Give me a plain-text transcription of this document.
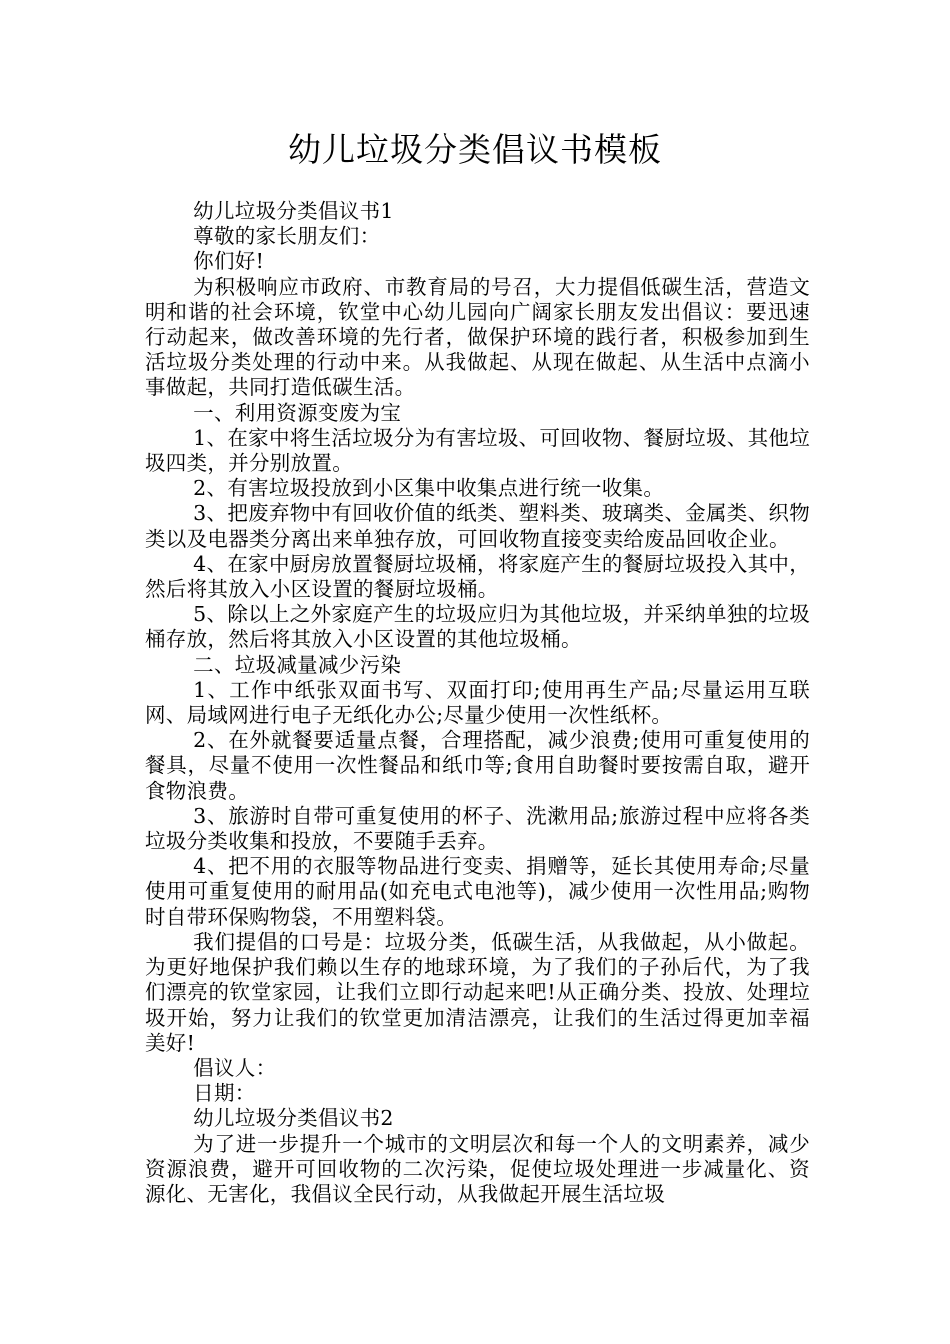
幼儿垃圾分类倡议书模板

幼儿垃圾分类倡议书1

尊敬的家长朋友们：

你们好!

为积极响应市政府、市教育局的号召，大力提倡低碳生活，营造文明和谐的社会环境，钦堂中心幼儿园向广阔家长朋友发出倡议：要迅速行动起来，做改善环境的先行者，做保护环境的践行者，积极参加到生活垃圾分类处理的行动中来。从我做起、从现在做起、从生活中点滴小事做起，共同打造低碳生活。

一、利用资源变废为宝

1、在家中将生活垃圾分为有害垃圾、可回收物、餐厨垃圾、其他垃圾四类，并分别放置。

2、有害垃圾投放到小区集中收集点进行统一收集。

3、把废弃物中有回收价值的纸类、塑料类、玻璃类、金属类、织物类以及电器类分离出来单独存放，可回收物直接变卖给废品回收企业。

4、在家中厨房放置餐厨垃圾桶，将家庭产生的餐厨垃圾投入其中，然后将其放入小区设置的餐厨垃圾桶。

5、除以上之外家庭产生的垃圾应归为其他垃圾，并采纳单独的垃圾桶存放，然后将其放入小区设置的其他垃圾桶。

二、垃圾减量减少污染

1、工作中纸张双面书写、双面打印;使用再生产品;尽量运用互联网、局域网进行电子无纸化办公;尽量少使用一次性纸杯。

2、在外就餐要适量点餐，合理搭配，减少浪费;使用可重复使用的餐具，尽量不使用一次性餐品和纸巾等;食用自助餐时要按需自取，避开食物浪费。

3、旅游时自带可重复使用的杯子、洗漱用品;旅游过程中应将各类垃圾分类收集和投放，不要随手丢弃。

4、把不用的衣服等物品进行变卖、捐赠等，延长其使用寿命;尽量使用可重复使用的耐用品(如充电式电池等)，减少使用一次性用品;购物时自带环保购物袋，不用塑料袋。

我们提倡的口号是：垃圾分类，低碳生活，从我做起，从小做起。为更好地保护我们赖以生存的地球环境，为了我们的子孙后代，为了我们漂亮的钦堂家园，让我们立即行动起来吧!从正确分类、投放、处理垃圾开始，努力让我们的钦堂更加清洁漂亮，让我们的生活过得更加幸福美好!

倡议人：

日期：

幼儿垃圾分类倡议书2

为了进一步提升一个城市的文明层次和每一个人的文明素养，减少资源浪费，避开可回收物的二次污染，促使垃圾处理进一步减量化、资源化、无害化，我倡议全民行动，从我做起开展生活垃圾
